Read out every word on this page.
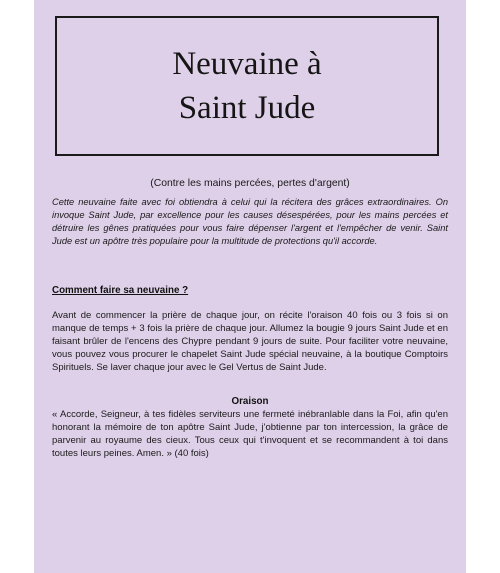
Neuvaine à
Saint Jude
(Contre les mains percées, pertes d'argent)
Cette neuvaine faite avec foi obtiendra à celui qui la récitera des grâces extraordinaires. On invoque Saint Jude, par excellence pour les causes désespérées, pour les mains percées et détruire les gênes pratiquées pour vous faire dépenser l'argent et l'empêcher de venir. Saint Jude est un apôtre très populaire pour la multitude de protections qu'il accorde.
Comment faire sa neuvaine ?
Avant de commencer la prière de chaque jour, on récite l'oraison 40 fois ou 3 fois si on manque de temps + 3 fois la prière de chaque jour. Allumez la bougie 9 jours Saint Jude et en faisant brûler de l'encens des Chypre pendant 9 jours de suite. Pour faciliter votre neuvaine, vous pouvez vous procurer le chapelet Saint Jude spécial neuvaine, à la boutique Comptoirs Spirituels. Se laver chaque jour avec le Gel Vertus de Saint Jude.
Oraison
« Accorde, Seigneur, à tes fidèles serviteurs une fermeté inébranlable dans la Foi, afin qu'en honorant la mémoire de ton apôtre Saint Jude, j'obtienne par ton intercession, la grâce de parvenir au royaume des cieux. Tous ceux qui t'invoquent et se recommandent à toi dans toutes leurs peines. Amen. » (40 fois)
